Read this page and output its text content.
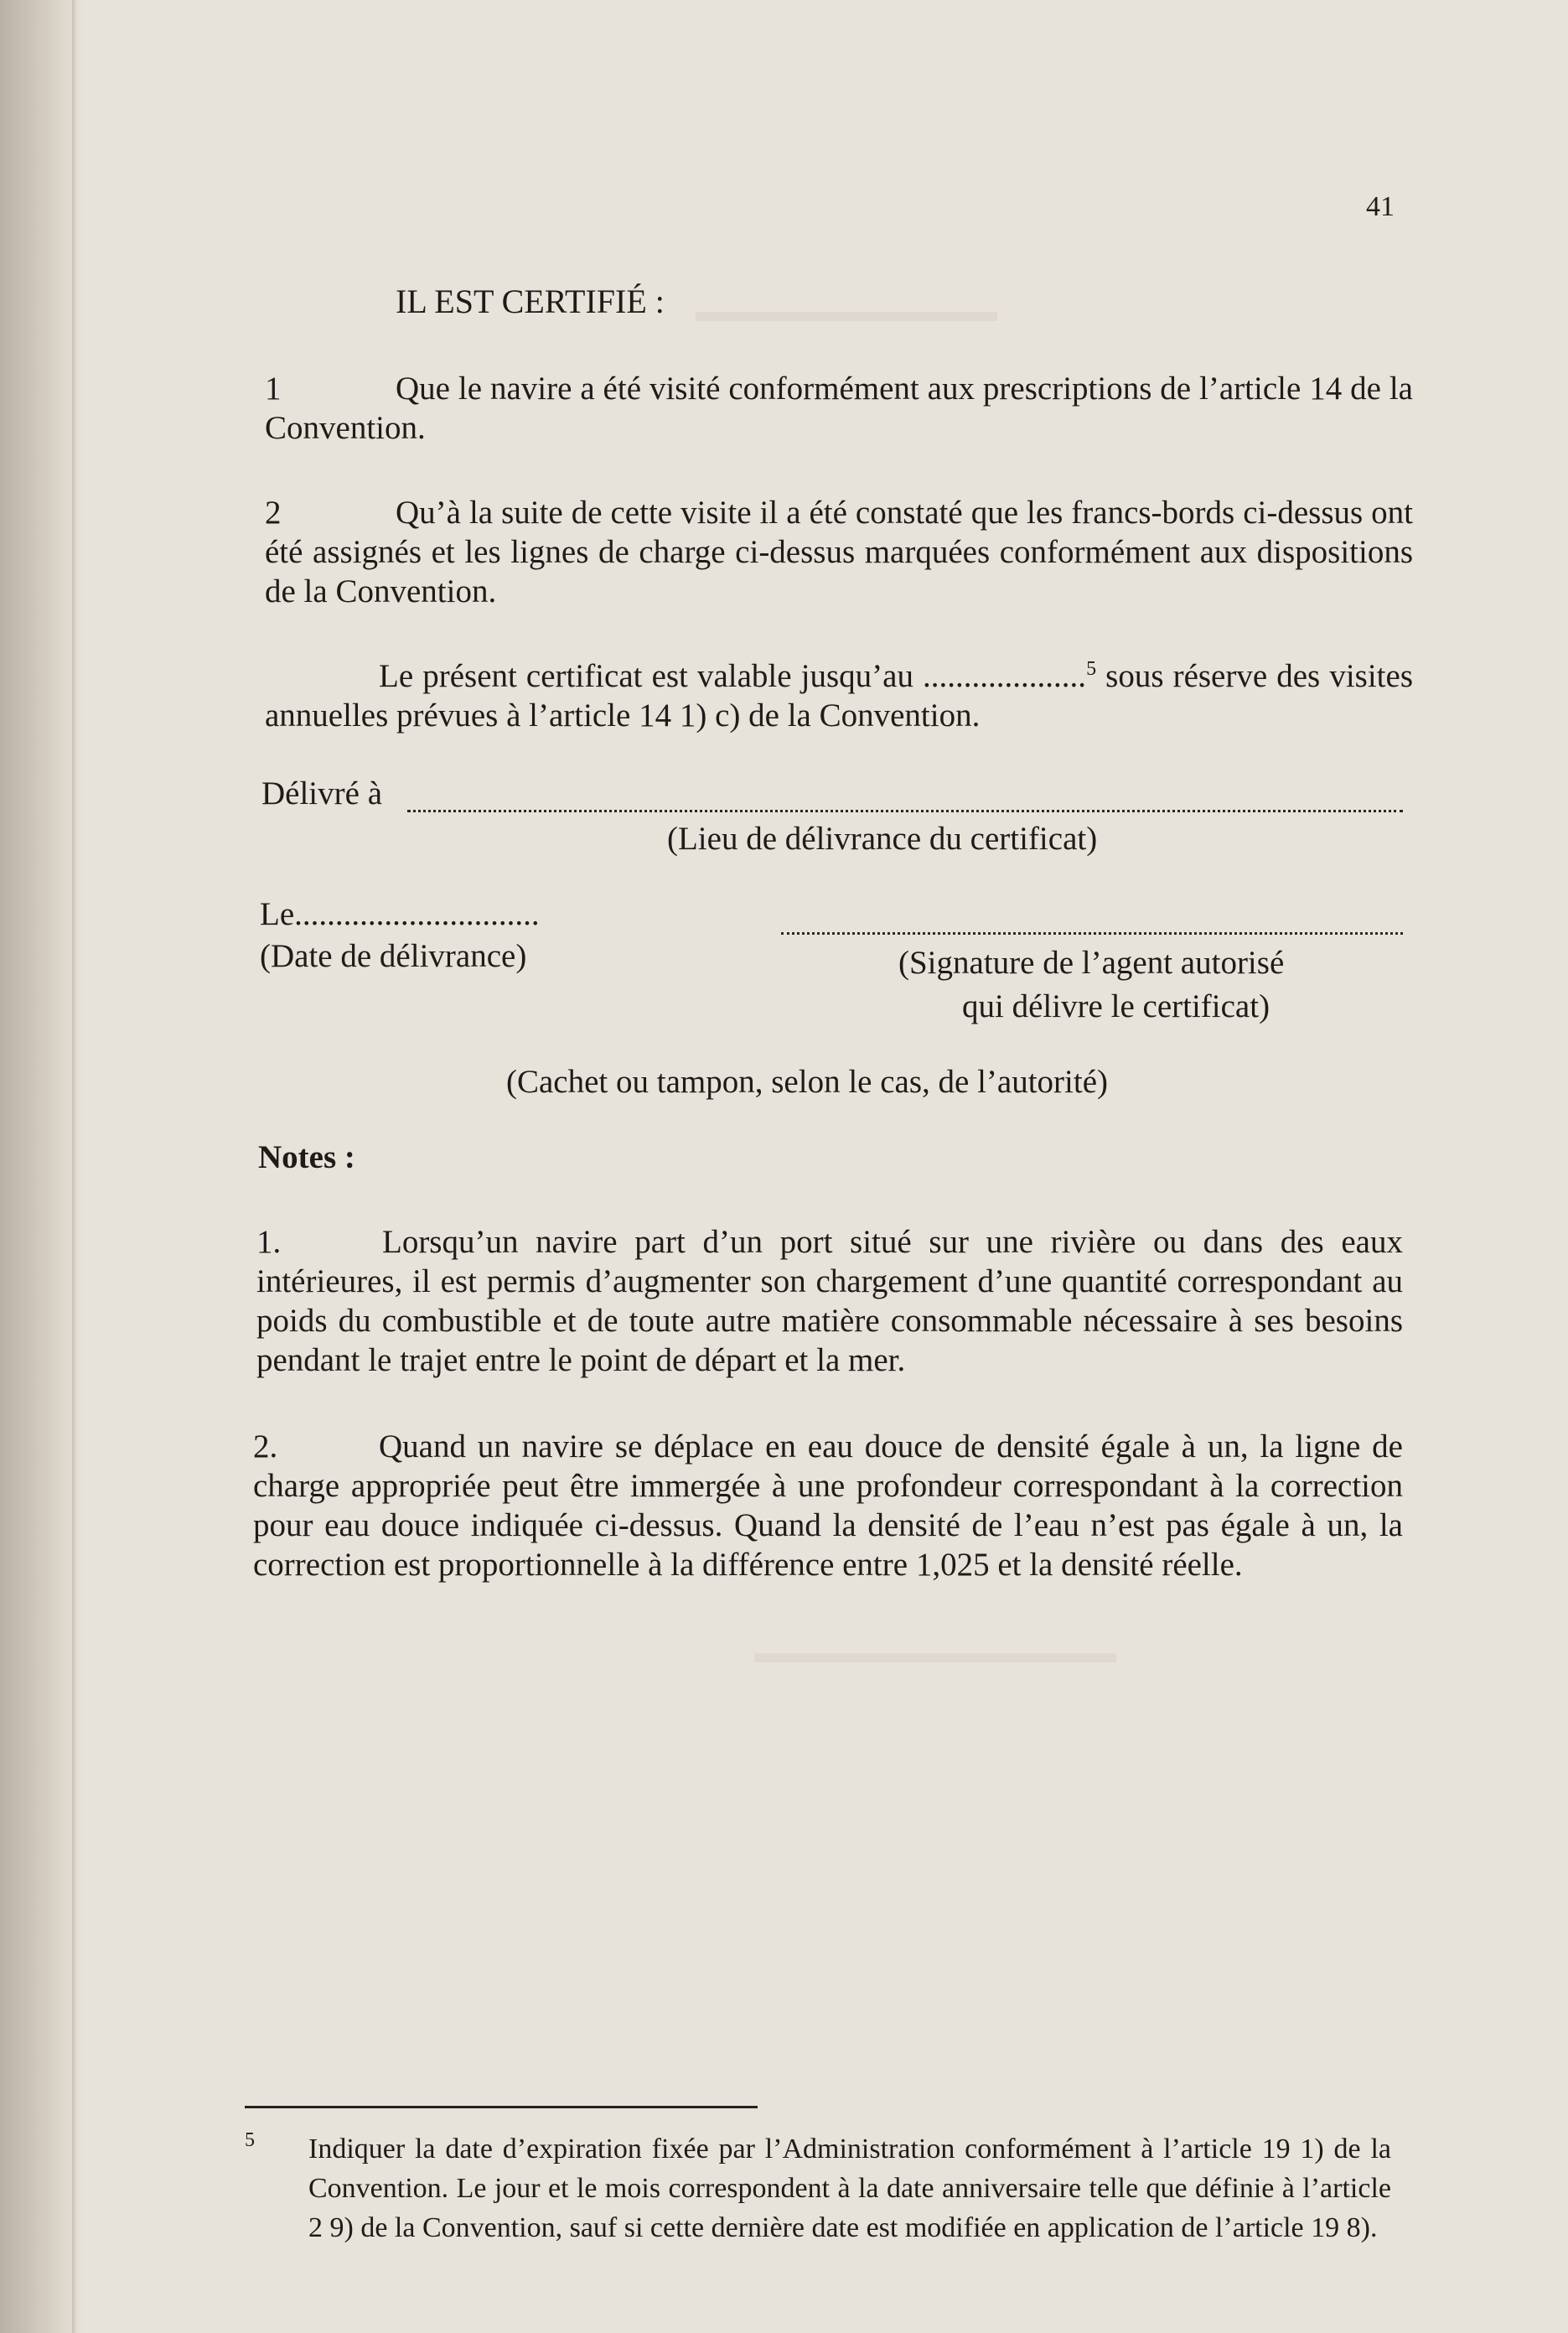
▬▬▬▬▬▬▬▬▬▬
▬▬▬▬▬▬▬▬▬▬▬▬
41
IL EST CERTIFIÉ :
1	Que le navire a été visité conformément aux prescriptions de l’article 14 de la Convention.
2	Qu’à la suite de cette visite il a été constaté que les francs-bords ci-dessus ont été assignés et les lignes de charge ci-dessus marquées conformément aux dispositions de la Convention.
Le présent certificat est valable jusqu’au ....................$^5$ sous réserve des visites annuelles prévues à l’article 14 1) c) de la Convention.
Délivré à
(Lieu de délivrance du certificat)
Le..............................
(Date de délivrance)	(Signature de l’agent autorisé
qui délivre le certificat)
(Cachet ou tampon, selon le cas, de l’autorité)
Notes :
1.	Lorsqu’un navire part d’un port situé sur une rivière ou dans des eaux intérieures, il est permis d’augmenter son chargement d’une quantité correspondant au poids du combustible et de toute autre matière consommable nécessaire à ses besoins pendant le trajet entre le point de départ et la mer.
2.	Quand un navire se déplace en eau douce de densité égale à un, la ligne de charge appropriée peut être immergée à une profondeur correspondant à la correction pour eau douce indiquée ci-dessus. Quand la densité de l’eau n’est pas égale à un, la correction est proportionnelle à la différence entre 1,025 et la densité réelle.
5 Indiquer la date d’expiration fixée par l’Administration conformément à l’article 19 1) de la Convention. Le jour et le mois correspondent à la date anniversaire telle que définie à l’article 2 9) de la Convention, sauf si cette dernière date est modifiée en application de l’article 19 8).
